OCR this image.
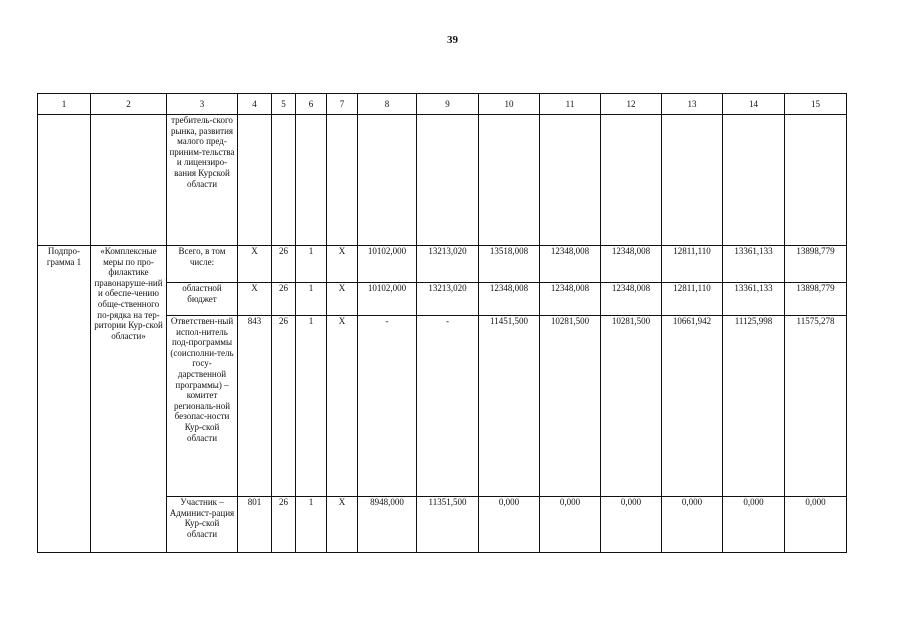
39
1	2	3	4	5	6	7	8	9	10	11	12	13	14	15
		требитель-ского рынка, развития малого пред-приним-тельства и лицензиро-вания Курской области												
Подпро-грамма 1	«Комплексные меры по про-филактике правонаруше-ний и обеспе-чению обще-ственного по-рядка на тер-ритории Кур-ской области»	Всего, в том числе:	X	26	1	X	10102,000	13213,020	13518,008	12348,008	12348,008	12811,110	13361,133	13898,779
		областной бюджет	X	26	1	X	10102,000	13213,020	12348,008	12348,008	12348,008	12811,110	13361,133	13898,779
		Ответствен-ный испол-нитель под-программы (соисполни-тель госу-дарственной программы) – комитет региональ-ной безопас-ности Кур-ской области	843	26	1	X	-	-	11451,500	10281,500	10281,500	10661,942	11125,998	11575,278
		Участник – Админист-рация Кур-ской области	801	26	1	X	8948,000	11351,500	0,000	0,000	0,000	0,000	0,000	0,000
